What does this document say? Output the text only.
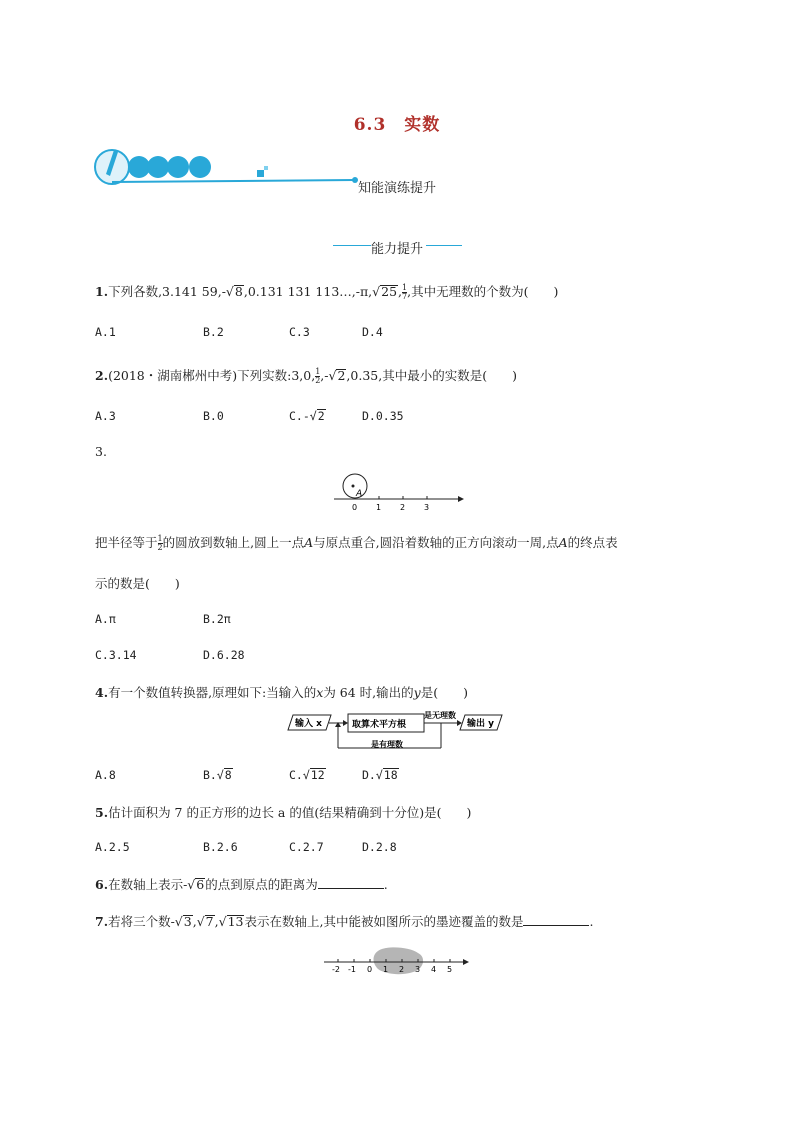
6.3　实数
知能演练提升
能力提升
1.下列各数,3.141 59,-√8,0.131 131 113…,-π,√25, $\frac{1}{7}$ ,其中无理数的个数为(　　)
A.1	B.2	C.3	D.4
2.(2018・湖南郴州中考)下列实数:3,0, $\frac{1}{2} ,-√2,0.35$,其中最小的实数是(　　)
A.3	B.0	C.-√2	D.0.35
3.
A
0 1 2 3
把半径等于 $\frac{1}{2}$ 的圆放到数轴上,圆上一点A与原点重合,圆沿着数轴的正方向滚动一周,点A的终点表
示的数是(　　)
A.π	B.2π
C.3.14	D.6.28
4.有一个数值转换器,原理如下:当输入的x为 64 时,输出的y是(　　)
输入 x	取算术平方根
是无理数
输出 y
是有理数
A.8	B.√8	C.√12	D.√18
5.估计面积为 7 的正方形的边长 a 的值(结果精确到十分位)是(　　)
A.2.5	B.2.6	C.2.7	D.2.8
6.在数轴上表示-√6的点到原点的距离为	.
7.若将三个数-√3,√7,√13表示在数轴上,其中能被如图所示的墨迹覆盖的数是	.
-2 -1 0 1 2 3 4 5
